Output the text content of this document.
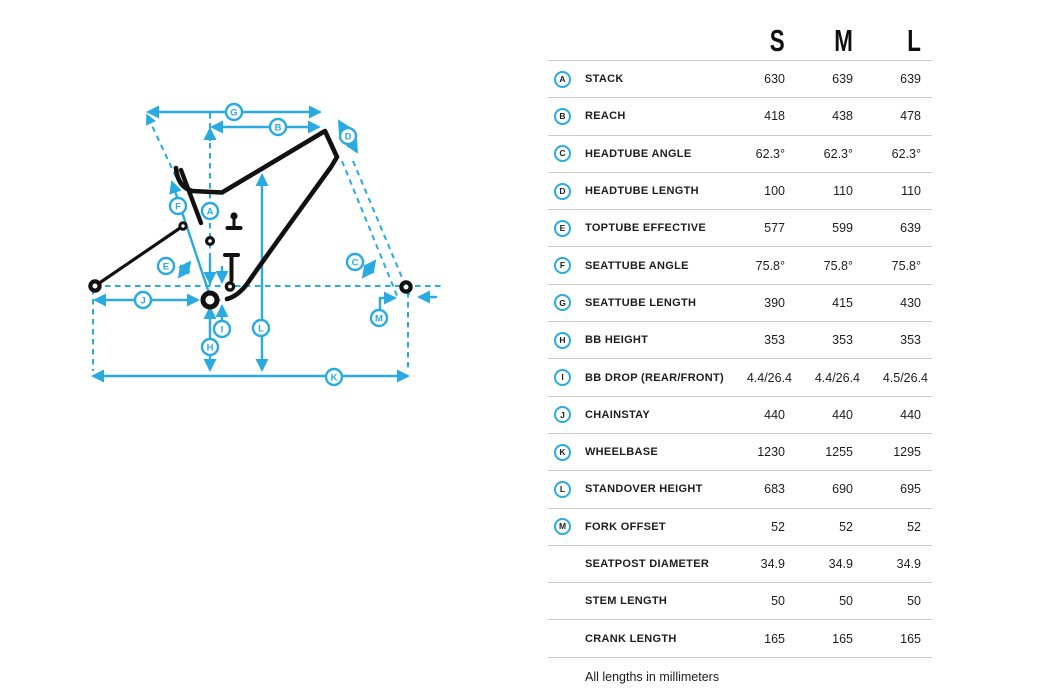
G
B
D
F	A
E	C
J
I
H
L
M
K
S	M	L
A STACK	630	639	639
B REACH	418	438	478
C HEADTUBE ANGLE	62.3°	62.3°	62.3°
D HEADTUBE LENGTH	100	110	110
E TOPTUBE EFFECTIVE	577	599	639
F SEATTUBE ANGLE	75.8°	75.8°	75.8°
G SEATTUBE LENGTH	390	415	430
H BB HEIGHT	353	353	353
I BB DROP (REAR/FRONT)	4.4/26.4	4.4/26.4	4.5/26.4
J CHAINSTAY	440	440	440
K WHEELBASE	1230	1255	1295
L STANDOVER HEIGHT	683	690	695
M FORK OFFSET	52	52	52
SEATPOST DIAMETER	34.9	34.9	34.9
STEM LENGTH	50	50	50
CRANK LENGTH	165	165	165
All lengths in millimeters
